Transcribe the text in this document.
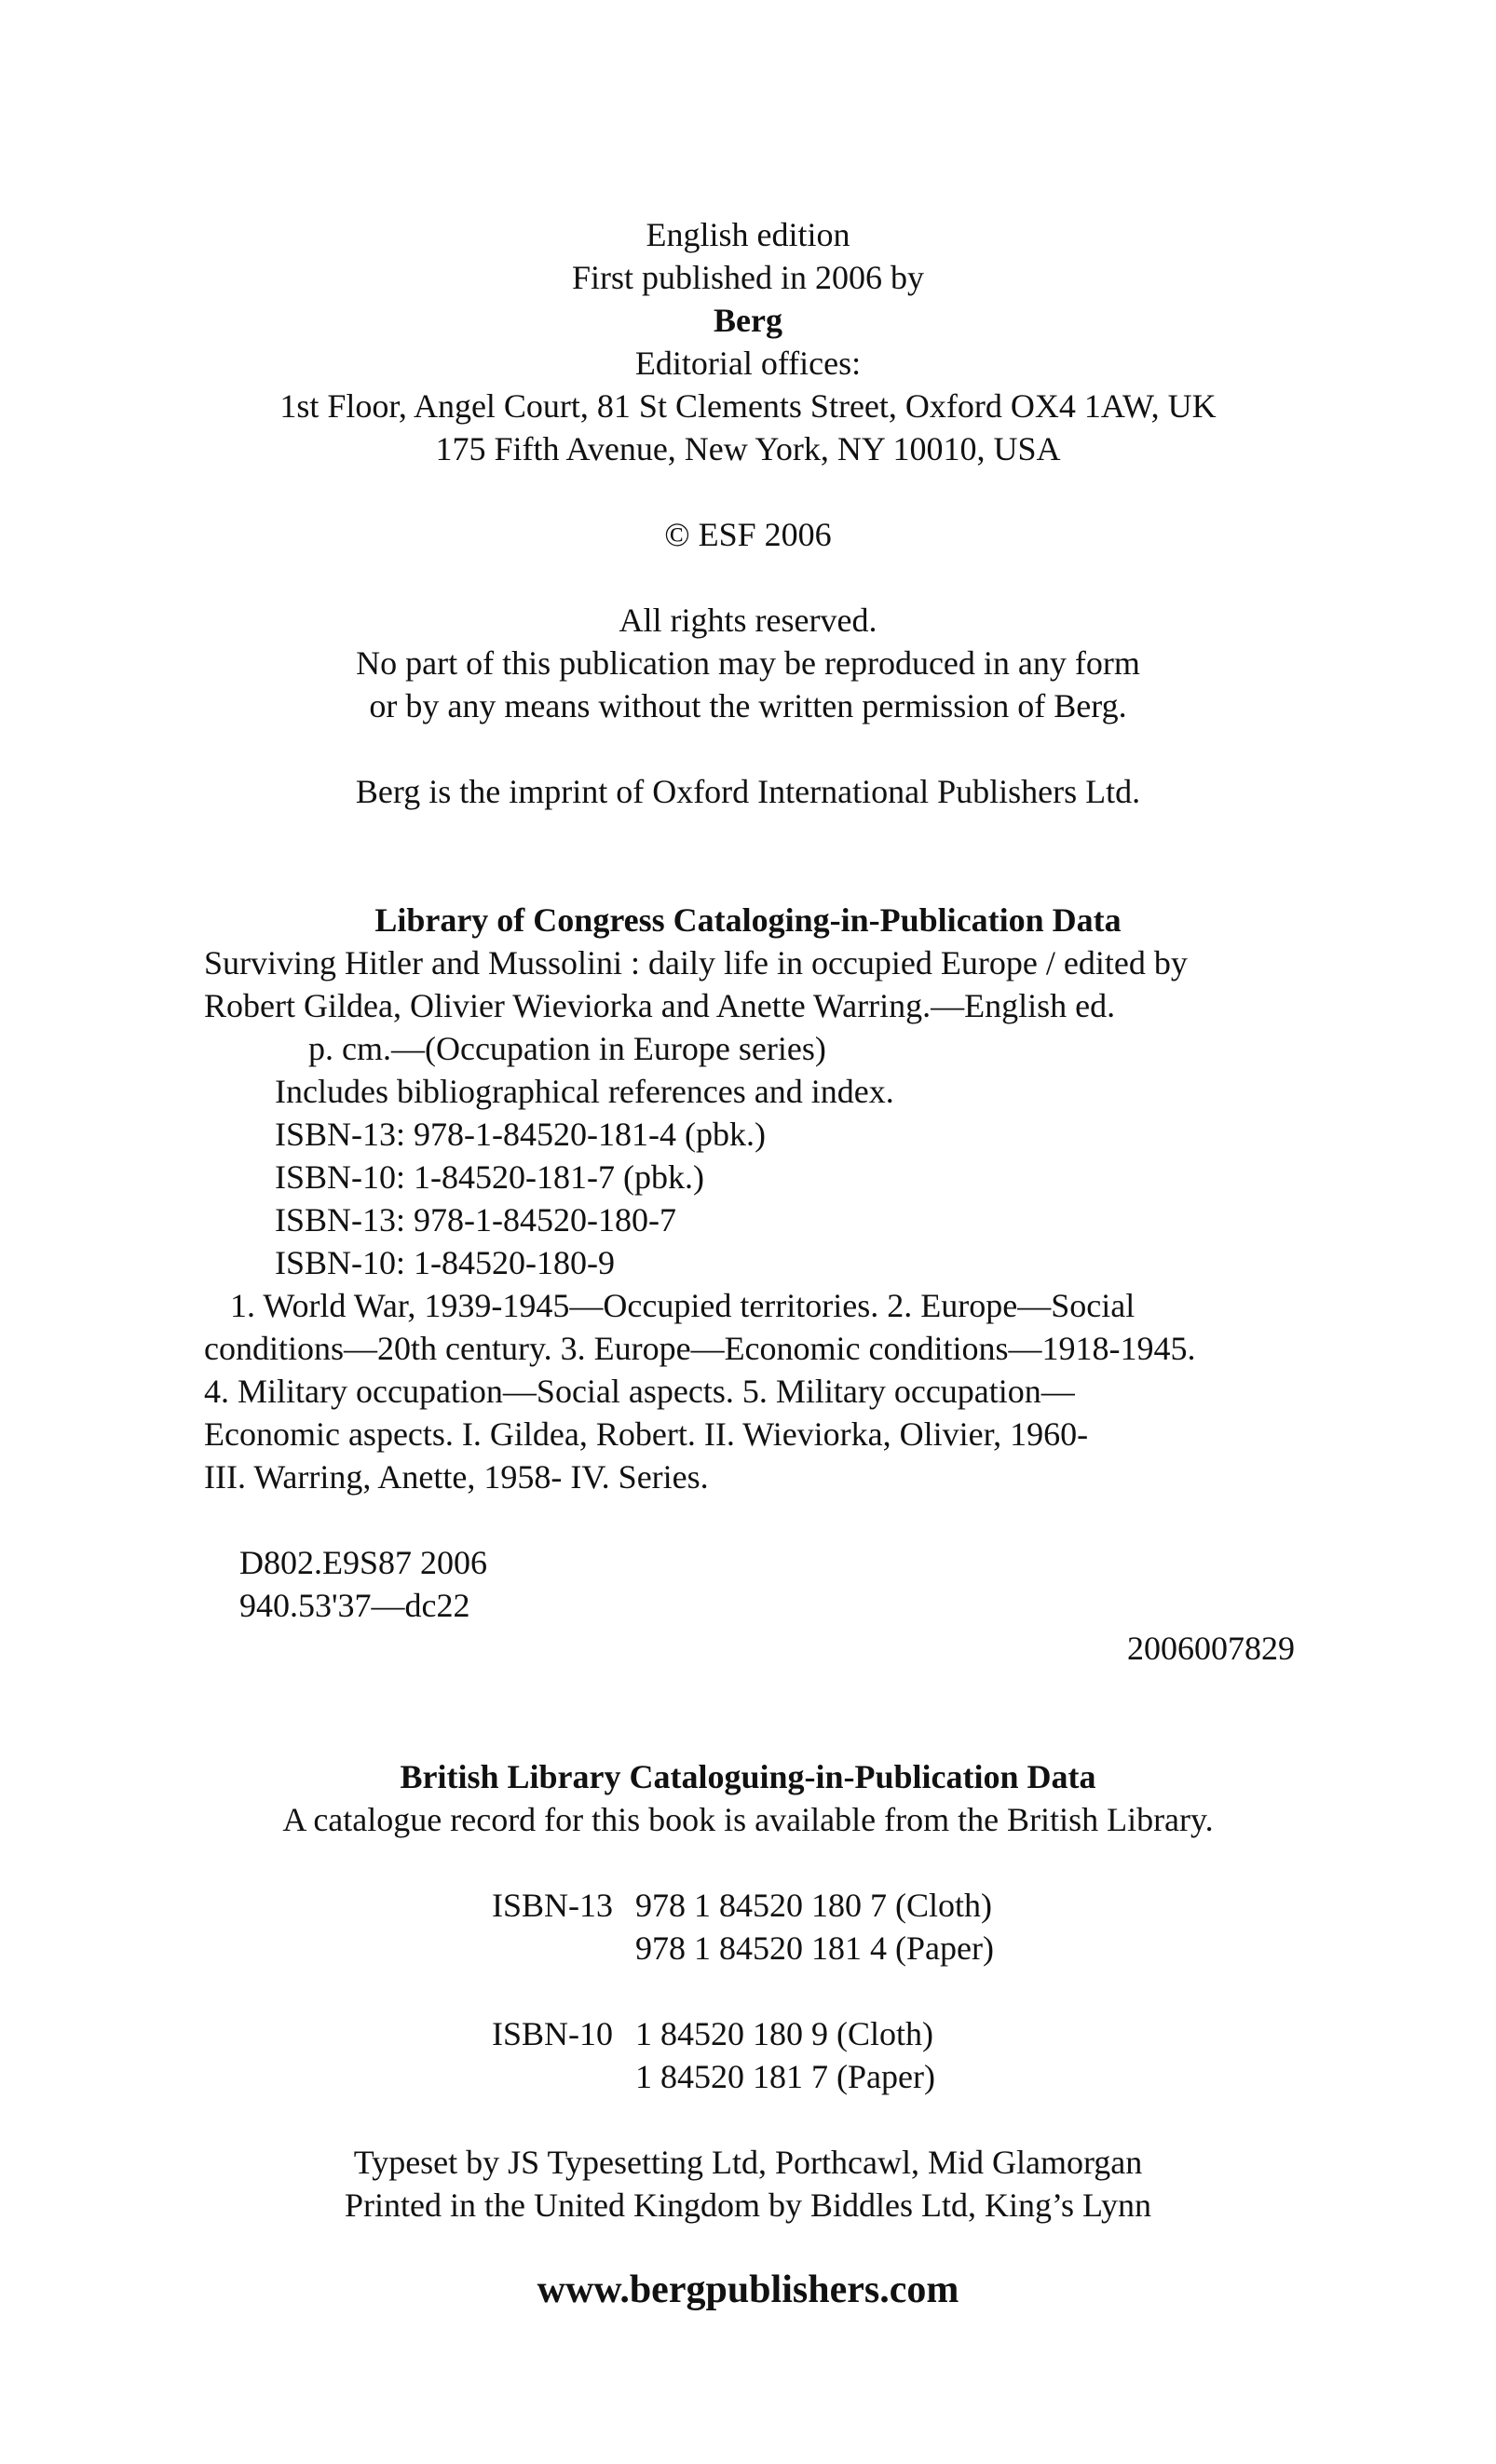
English edition
First published in 2006 by
Berg
Editorial offices:
1st Floor, Angel Court, 81 St Clements Street, Oxford OX4 1AW, UK
175 Fifth Avenue, New York, NY 10010, USA
© ESF 2006
All rights reserved.
No part of this publication may be reproduced in any form
or by any means without the written permission of Berg.
Berg is the imprint of Oxford International Publishers Ltd.
Library of Congress Cataloging-in-Publication Data
Surviving Hitler and Mussolini : daily life in occupied Europe / edited by
Robert Gildea, Olivier Wieviorka and Anette Warring.—English ed.
p. cm.—(Occupation in Europe series)
Includes bibliographical references and index.
ISBN-13: 978-1-84520-181-4 (pbk.)
ISBN-10: 1-84520-181-7 (pbk.)
ISBN-13: 978-1-84520-180-7
ISBN-10: 1-84520-180-9
1. World War, 1939-1945—Occupied territories. 2. Europe—Social
conditions—20th century. 3. Europe—Economic conditions—1918-1945.
4. Military occupation—Social aspects. 5. Military occupation—
Economic aspects. I. Gildea, Robert. II. Wieviorka, Olivier, 1960-
III. Warring, Anette, 1958- IV. Series.
D802.E9S87 2006
940.53'37—dc22
2006007829
British Library Cataloguing-in-Publication Data
A catalogue record for this book is available from the British Library.
ISBN-13 978 1 84520 180 7 (Cloth)
978 1 84520 181 4 (Paper)
ISBN-10 1 84520 180 9 (Cloth)
1 84520 181 7 (Paper)
Typeset by JS Typesetting Ltd, Porthcawl, Mid Glamorgan
Printed in the United Kingdom by Biddles Ltd, King’s Lynn
www.bergpublishers.com
